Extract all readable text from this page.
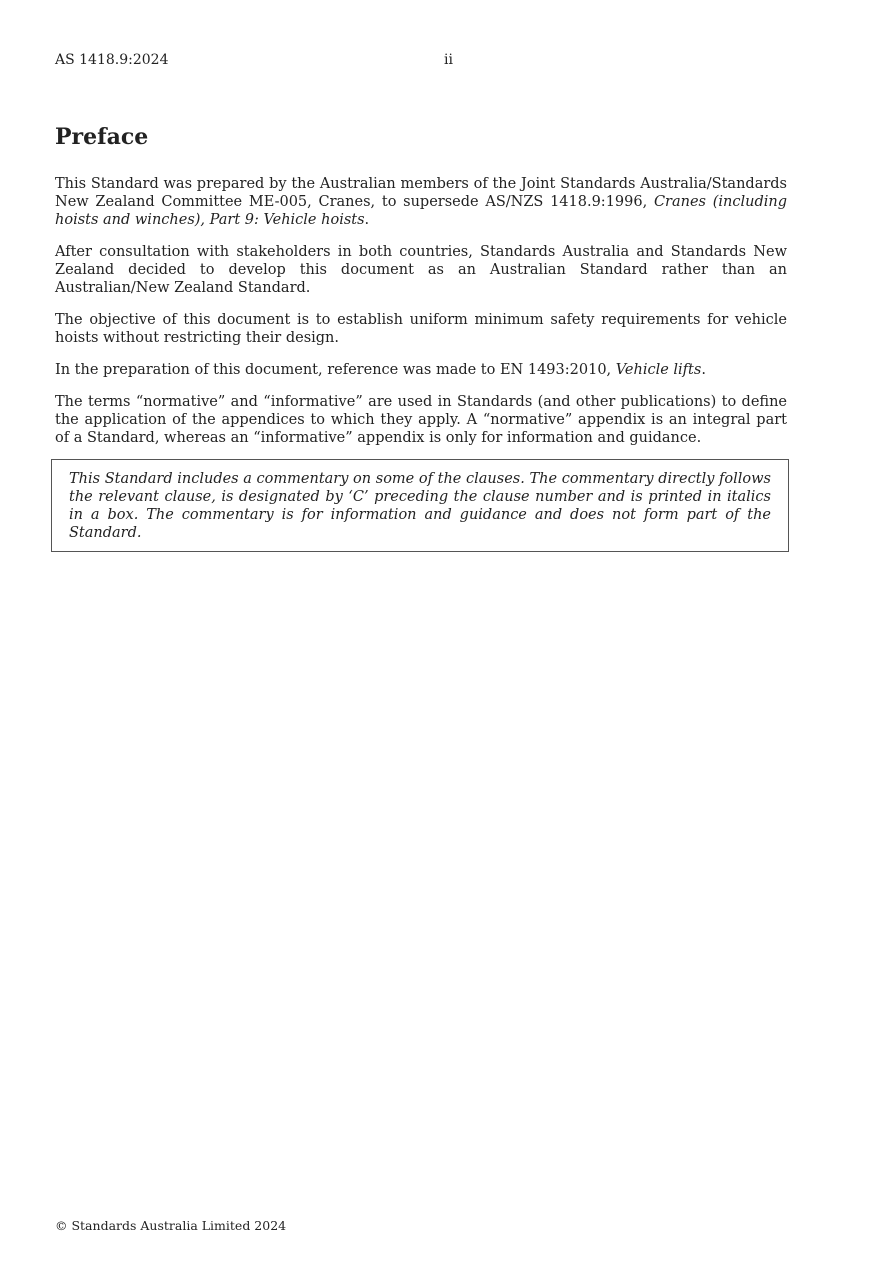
AS 1418.9:2024	ii
Preface

This Standard was prepared by the Australian members of the Joint Standards Australia/Standards New Zealand Committee ME-005, Cranes, to supersede AS/NZS 1418.9:1996, Cranes (including hoists and winches), Part 9: Vehicle hoists.

After consultation with stakeholders in both countries, Standards Australia and Standards New Zealand decided to develop this document as an Australian Standard rather than an Australian/New Zealand Standard.

The objective of this document is to establish uniform minimum safety requirements for vehicle hoists without restricting their design.

In the preparation of this document, reference was made to EN 1493:2010, Vehicle lifts.

The terms “normative” and “informative” are used in Standards (and other publications) to define the application of the appendices to which they apply. A “normative” appendix is an integral part of a Standard, whereas an “informative” appendix is only for information and guidance.

This Standard includes a commentary on some of the clauses. The commentary directly follows the relevant clause, is designated by ‘C’ preceding the clause number and is printed in italics in a box. The commentary is for information and guidance and does not form part of the Standard.

© Standards Australia Limited 2024
